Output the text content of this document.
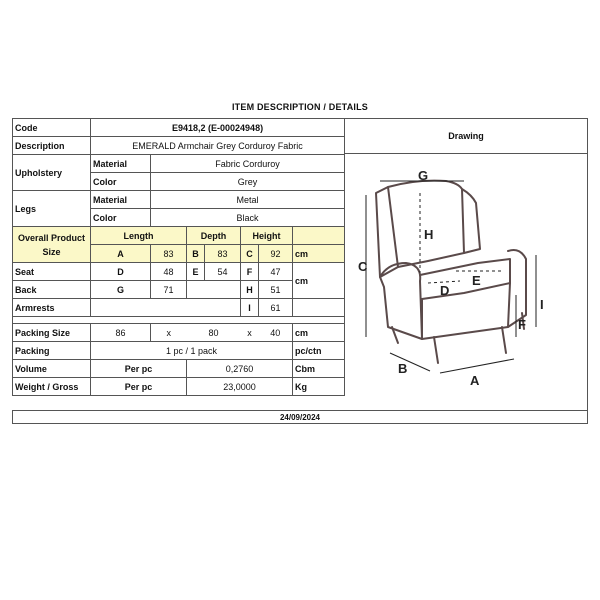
ITEM DESCRIPTION / DETAILS
Code	E9418,2 (E-00024948)						
Description	EMERALD Armchair Grey Corduroy Fabric						
Upholstery	Material	Fabric Corduroy					
	Color	Grey					
Legs	Material	Metal					
	Color	Black					
Overall Product Size	Length		Depth		Height		
	A	83	B	83	C	92	cm
Seat	D	48	E	54	F	47	cm
Back	G	71			H	51	
Armrests					I	61	

Packing Size	86	x	80		x	40	cm
Packing	1 pc / 1 pack						pc/ctn
Volume	Per pc		0,2760				Cbm
Weight / Gross	Per pc		23,0000				Kg
Drawing
G
H
C
D
E
I
F
A
B
24/09/2024
